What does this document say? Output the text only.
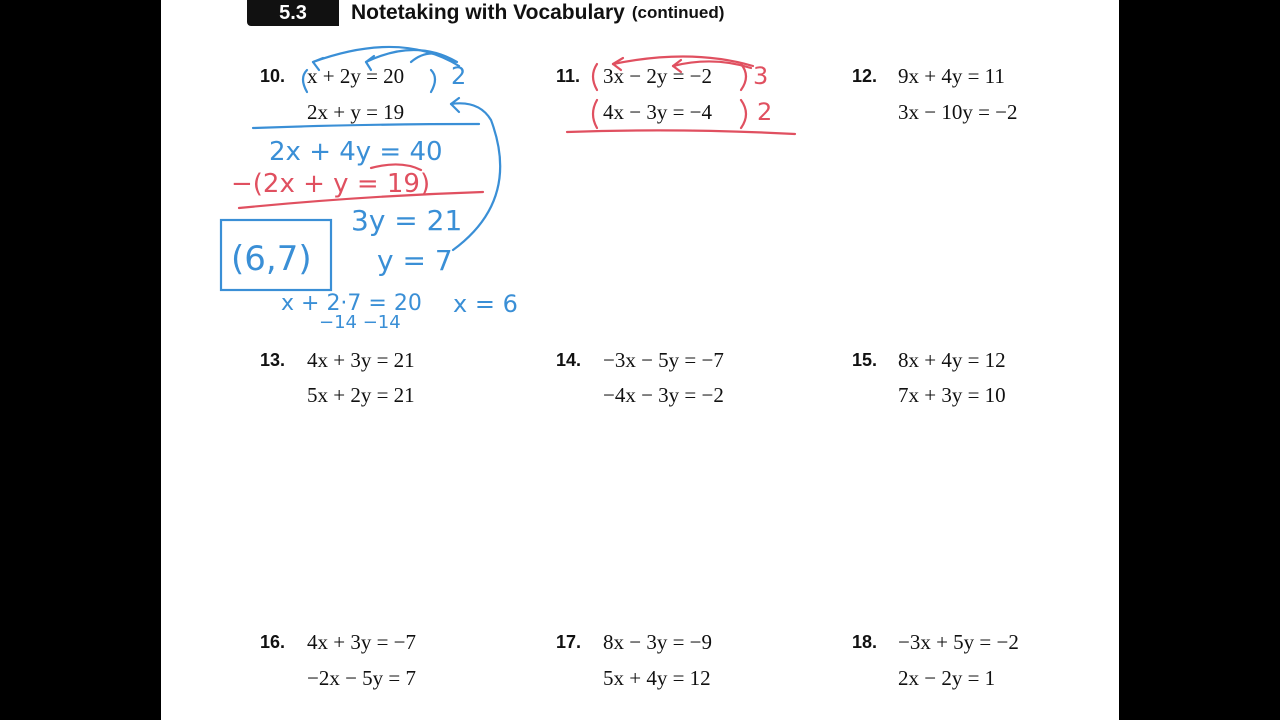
5.3	Notetaking with Vocabulary (continued)
10. x + 2y = 20
2x + y = 19
11. 3x − 2y = −2
4x − 3y = −4
12. 9x + 4y = 11
3x − 10y = −2
13. 4x + 3y = 21
5x + 2y = 21
14. −3x − 5y = −7
−4x − 3y = −2
15. 8x + 4y = 12
7x + 3y = 10
16. 4x + 3y = −7
−2x − 5y = 7
17. 8x − 3y = −9
5x + 4y = 12
18. −3x + 5y = −2
2x − 2y = 1
2
2x + 4y = 40
3y = 21
y = 7
(6,7)
x + 2·7 = 20
−14 −14
x = 6
−(2x + y = 19)
3
2
